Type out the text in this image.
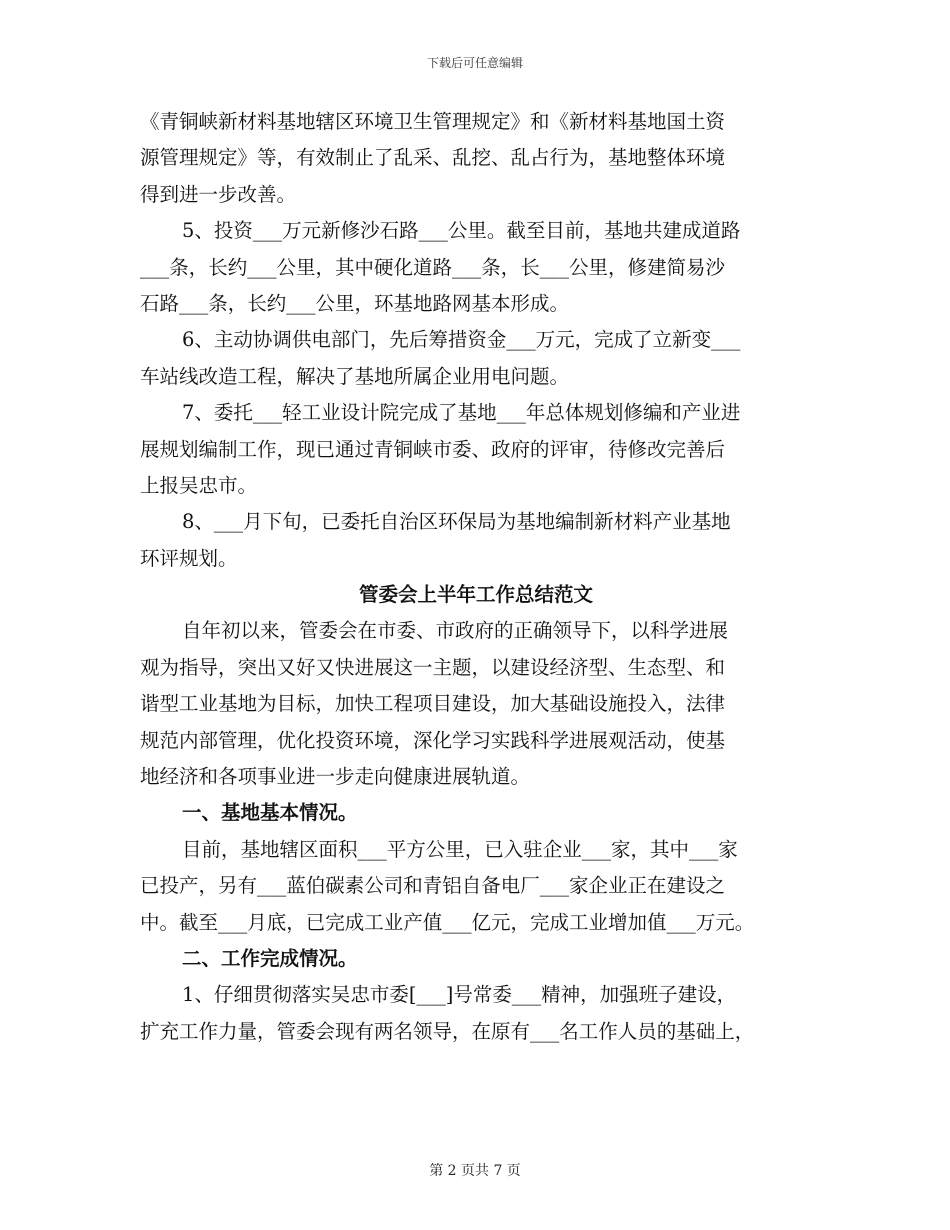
下载后可任意编辑
《青铜峡新材料基地辖区环境卫生管理规定》和《新材料基地国土资
源管理规定》等，有效制止了乱采、乱挖、乱占行为，基地整体环境
得到进一步改善。
5、投资___万元新修沙石路___公里。截至目前，基地共建成道路
___条，长约___公里，其中硬化道路___条，长___公里，修建简易沙
石路___条，长约___公里，环基地路网基本形成。
6、主动协调供电部门，先后筹措资金___万元，完成了立新变___
车站线改造工程，解决了基地所属企业用电问题。
7、委托___轻工业设计院完成了基地___年总体规划修编和产业进
展规划编制工作，现已通过青铜峡市委、政府的评审，待修改完善后
上报吴忠市。
8、___月下旬，已委托自治区环保局为基地编制新材料产业基地
环评规划。
管委会上半年工作总结范文
自年初以来，管委会在市委、市政府的正确领导下，以科学进展
观为指导，突出又好又快进展这一主题，以建设经济型、生态型、和
谐型工业基地为目标，加快工程项目建设，加大基础设施投入，法律
规范内部管理，优化投资环境，深化学习实践科学进展观活动，使基
地经济和各项事业进一步走向健康进展轨道。
一、基地基本情况。
目前，基地辖区面积___平方公里，已入驻企业___家，其中___家
已投产，另有___蓝伯碳素公司和青铝自备电厂___家企业正在建设之
中。截至___月底，已完成工业产值___亿元，完成工业增加值___万元。
二、工作完成情况。
1、仔细贯彻落实吴忠市委[___]号常委___精神，加强班子建设，
扩充工作力量，管委会现有两名领导，在原有___名工作人员的基础上，
第 2 页共 7 页
